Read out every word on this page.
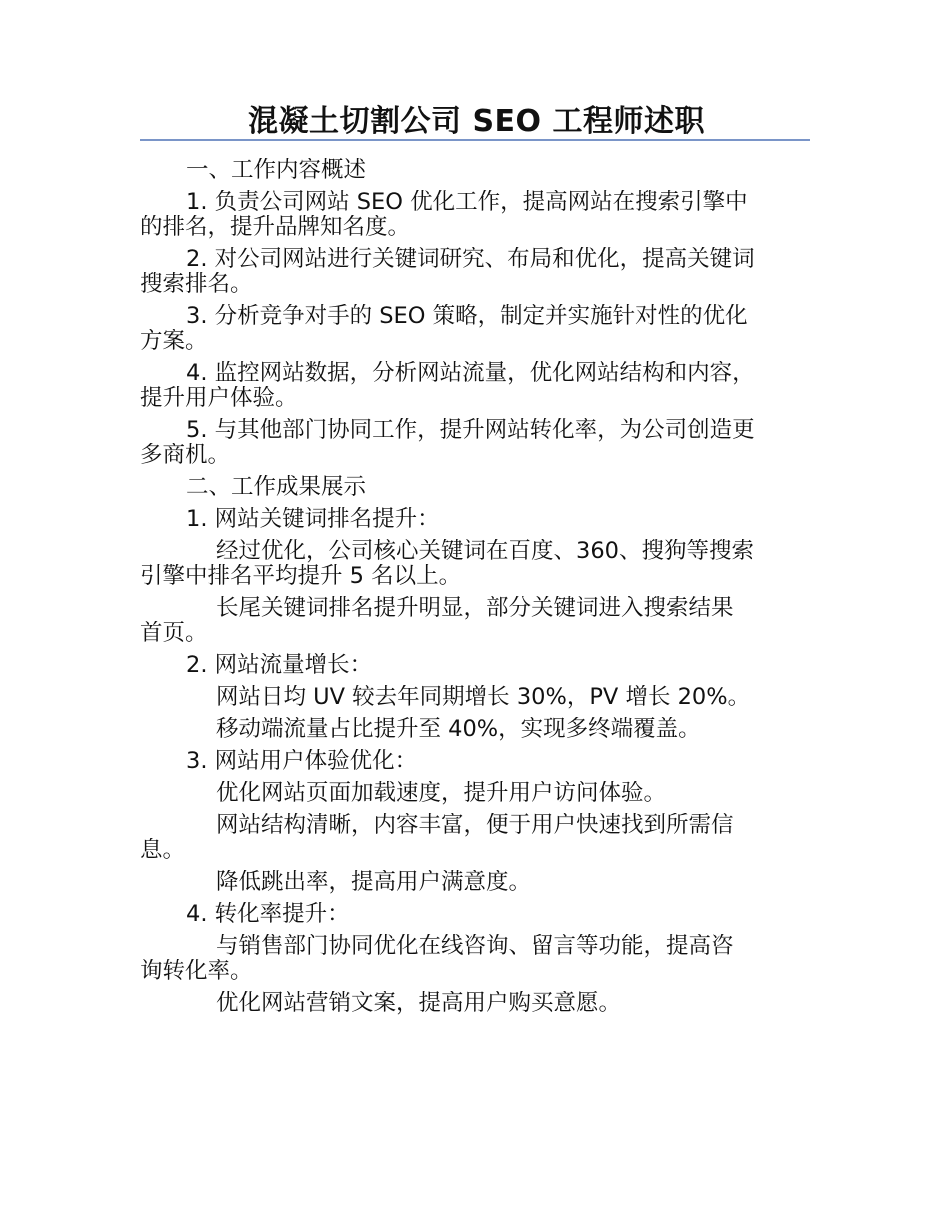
混凝土切割公司 SEO 工程师述职

一、工作内容概述

1. 负责公司网站 SEO 优化工作，提高网站在搜索引擎中

的排名，提升品牌知名度。

2. 对公司网站进行关键词研究、布局和优化，提高关键词

搜索排名。

3. 分析竞争对手的 SEO 策略，制定并实施针对性的优化

方案。

4. 监控网站数据，分析网站流量，优化网站结构和内容，

提升用户体验。

5. 与其他部门协同工作，提升网站转化率，为公司创造更

多商机。

二、工作成果展示

1. 网站关键词排名提升：

经过优化，公司核心关键词在百度、360、搜狗等搜索

引擎中排名平均提升 5 名以上。

长尾关键词排名提升明显，部分关键词进入搜索结果

首页。

2. 网站流量增长：

网站日均 UV 较去年同期增长 30%，PV 增长 20%。

移动端流量占比提升至 40%，实现多终端覆盖。

3. 网站用户体验优化：

优化网站页面加载速度，提升用户访问体验。

网站结构清晰，内容丰富，便于用户快速找到所需信

息。

降低跳出率，提高用户满意度。

4. 转化率提升：

与销售部门协同优化在线咨询、留言等功能，提高咨

询转化率。

优化网站营销文案，提高用户购买意愿。
